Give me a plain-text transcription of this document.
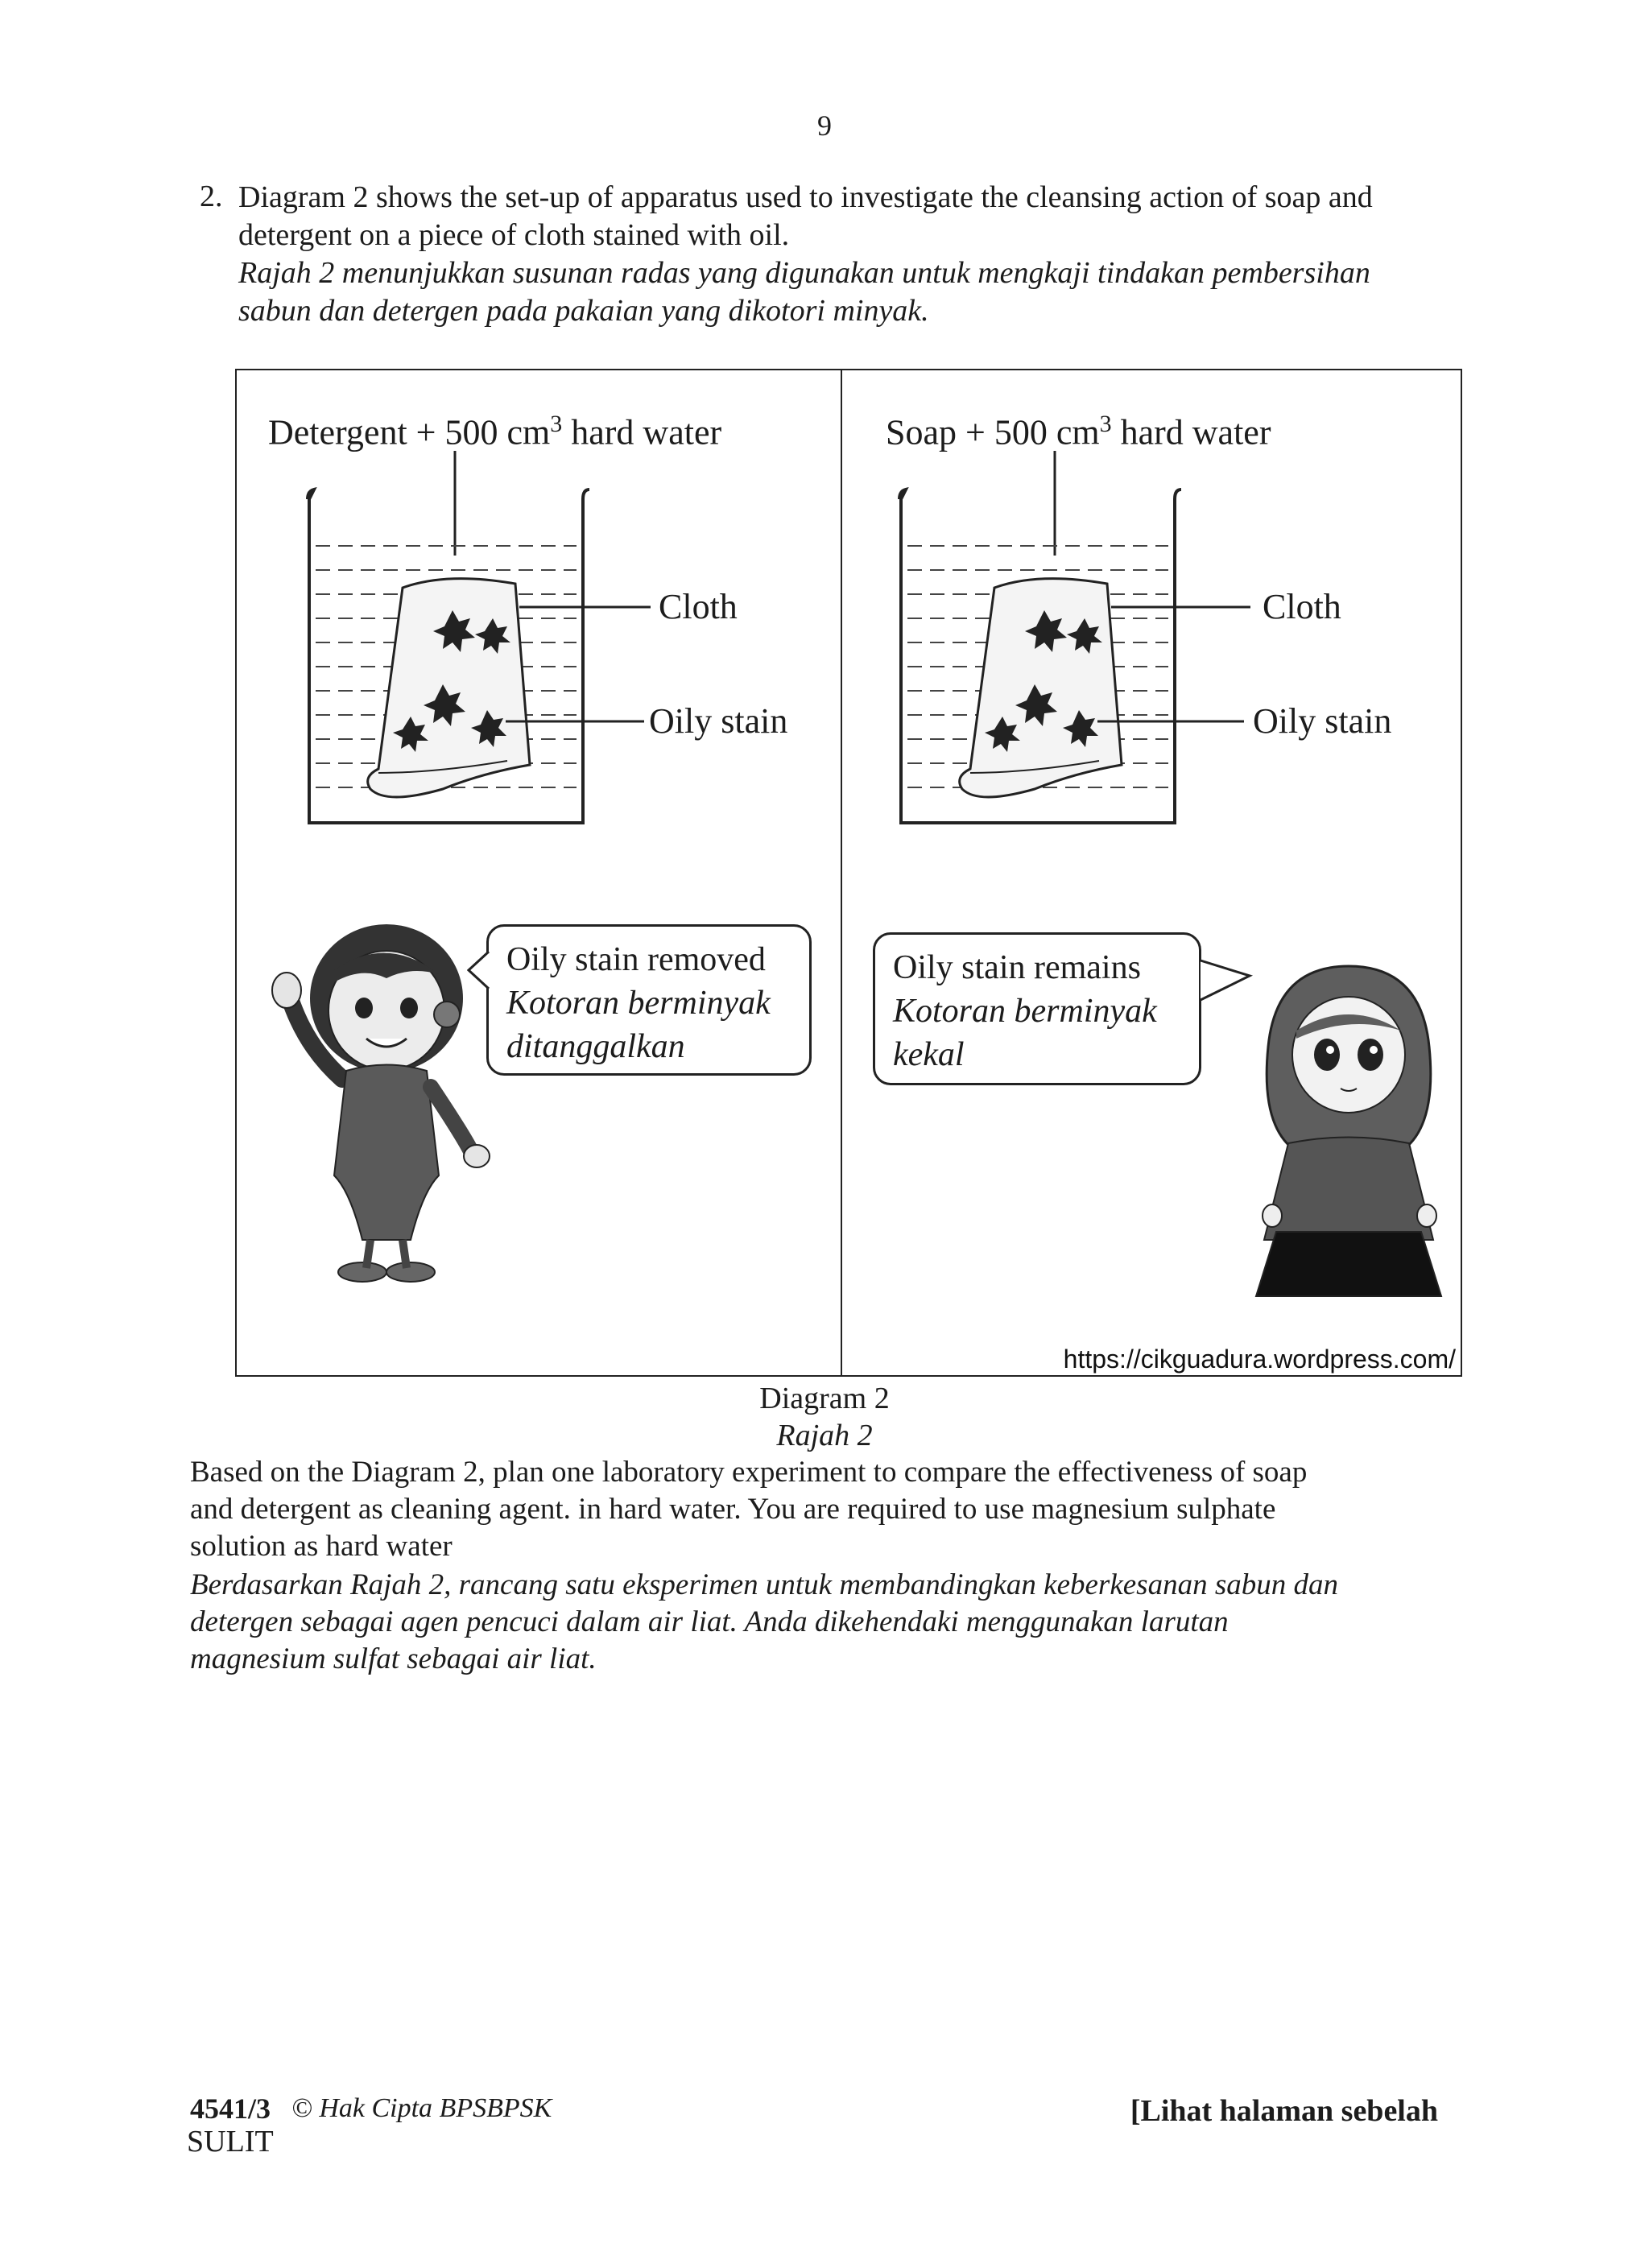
9
2. Diagram 2 shows the set-up of apparatus used to investigate the cleansing action of soap and
detergent on a piece of cloth stained with oil.
Rajah 2 menunjukkan susunan radas yang digunakan untuk mengkaji tindakan pembersihan
sabun dan detergen pada pakaian yang dikotori minyak.
Detergent + 500 $cm^3$ hard water
Cloth
Oily stain
Oily stain removed
Kotoran berminyak
ditanggalkan
Soap + 500 $cm^3$ hard water
Cloth
Oily stain
Oily stain remains
Kotoran berminyak
kekal
https://cikguadura.wordpress.com/
Diagram 2
Rajah 2
Based on the Diagram 2, plan one laboratory experiment to compare the effectiveness of soap
and detergent as cleaning agent. in hard water. You are required to use magnesium sulphate
solution as hard water
Berdasarkan Rajah 2, rancang satu eksperimen untuk membandingkan keberkesanan sabun dan
detergen sebagai agen pencuci dalam air liat. Anda dikehendaki menggunakan larutan
magnesium sulfat sebagai air liat.
4541/3 © Hak Cipta BPSBPSK
SULIT
[Lihat halaman sebelah
